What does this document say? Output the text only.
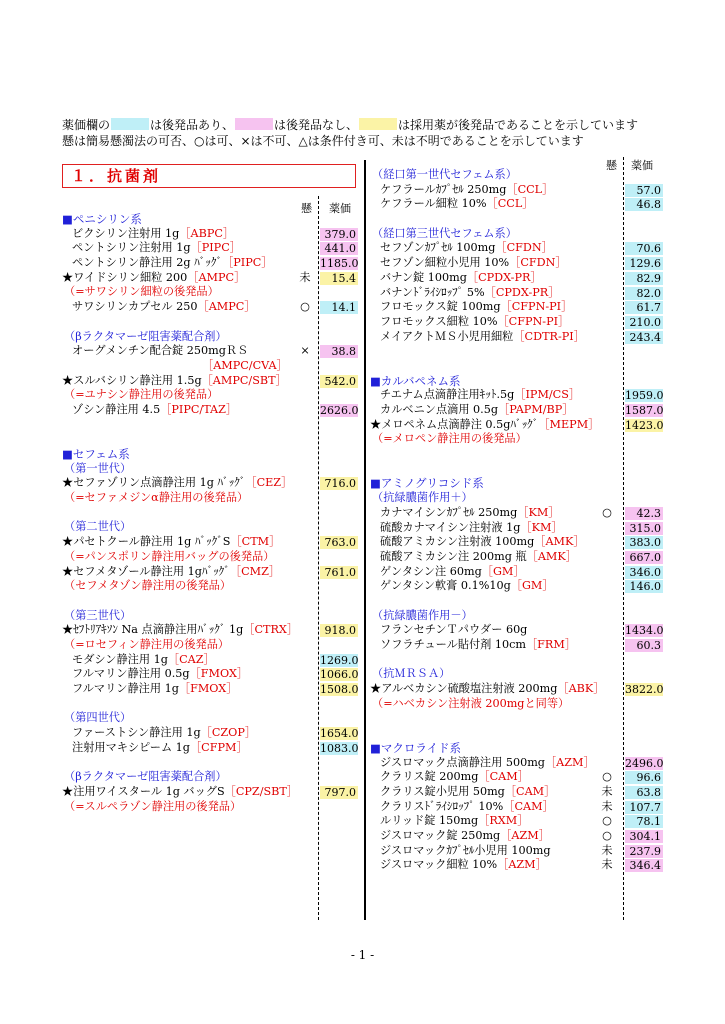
薬価欄の	は後発品あり、	は後発品なし、	は採用薬が後発品であることを示しています
懸は簡易懸濁法の可否、○は可、×は不可、△は条件付き可、未は不明であることを示しています
１．抗菌剤
懸 薬価
懸 薬価
■ペニシリン系
ビクシリン注射用 1g［ABPC］	379.0
ペントシリン注射用 1g［PIPC］	441.0
ペントシリン静注用 2g ﾊﾞｯｸﾞ［PIPC］	1185.0
★ワイドシリン細粒 200［AMPC］	未	15.4
（=サワシリン細粒の後発品）
サワシリンカプセル 250［AMPC］	○	14.1
（βラクタマーゼ阻害薬配合剤）
オーグメンチン配合錠 250mgＲＳ	×	38.8
［AMPC/CVA］
★スルバシリン静注用 1.5g［AMPC/SBT］	542.0
（=ユナシン静注用の後発品）
ゾシン静注用 4.5［PIPC/TAZ］	2626.0
■セフェム系
（第一世代）
★セファゾリン点滴静注用 1g ﾊﾞｯｸﾞ［CEZ］	716.0
（=セファメジンα静注用の後発品）
（第二世代）
★パセトクール静注用 1g ﾊﾞｯｸﾞS［CTM］	763.0
（=パンスポリン静注用バッグの後発品）
★セフメタゾール静注用 1gﾊﾞｯｸﾞ［CMZ］	761.0
（セフメタゾン静注用の後発品）
（第三世代）
★ｾﾌﾄﾘｱｷｿﾝ Na 点滴静注用ﾊﾞｯｸﾞ 1g［CTRX］	918.0
（=ロセフィン静注用の後発品）
モダシン静注用 1g［CAZ］	1269.0
フルマリン静注用 0.5g［FMOX］	1066.0
フルマリン静注用 1g［FMOX］	1508.0
（第四世代）
ファーストシン静注用 1g［CZOP］	1654.0
注射用マキシピーム 1g［CFPM］	1083.0
（βラクタマーゼ阻害薬配合剤）
★注用ワイスタール 1g バッグS［CPZ/SBT］	797.0
（=スルペラゾン静注用の後発品）
（経口第一世代セフェム系）
ケフラールｶﾌﾟｾﾙ 250mg［CCL］	57.0
ケフラール細粒 10%［CCL］	46.8
（経口第三世代セフェム系）
セフゾンｶﾌﾟｾﾙ 100mg［CFDN］	70.6
セフゾン細粒小児用 10%［CFDN］	129.6
バナン錠 100mg［CPDX-PR］	82.9
バナンﾄﾞﾗｲｼﾛｯﾌﾟ 5%［CPDX-PR］	82.0
フロモックス錠 100mg［CFPN-PI］	61.7
フロモックス細粒 10%［CFPN-PI］	210.0
メイアクトＭＳ小児用細粒［CDTR-PI］	243.4
■カルバペネム系
チエナム点滴静注用ｷｯﾄ.5g［IPM/CS］	1959.0
カルベニン点滴用 0.5g［PAPM/BP］	1587.0
★メロペネム点滴静注 0.5gﾊﾞｯｸﾞ［MEPM］ 1423.0
（=メロペン静注用の後発品）
■アミノグリコシド系
（抗緑膿菌作用＋）
カナマイシンｶﾌﾟｾﾙ 250mg［KM］	○	42.3
硫酸カナマイシン注射液 1g［KM］	315.0
硫酸アミカシン注射液 100mg［AMK］	383.0
硫酸アミカシン注 200mg 瓶［AMK］	667.0
ゲンタシン注 60mg［GM］	346.0
ゲンタシン軟膏 0.1%10g［GM］	146.0
（抗緑膿菌作用－）
フランセチンＴパウダー 60g	1434.0
ソフラチュール貼付剤 10cm［FRM］	60.3
（抗ＭＲＳＡ）
★アルベカシン硫酸塩注射液 200mg［ABK］ 3822.0
（=ハベカシン注射液 200mgと同等）
■マクロライド系
ジスロマック点滴静注用 500mg［AZM］	2496.0
クラリス錠 200mg［CAM］	○	96.6
クラリス錠小児用 50mg［CAM］	未	63.8
クラリスﾄﾞﾗｲｼﾛｯﾌﾟ 10%［CAM］	未	107.7
ルリッド錠 150mg［RXM］	○	78.1
ジスロマック錠 250mg［AZM］	○	304.1
ジスロマックｶﾌﾟｾﾙ小児用 100mg	未	237.9
ジスロマック細粒 10%［AZM］	未	346.4
- 1 -
